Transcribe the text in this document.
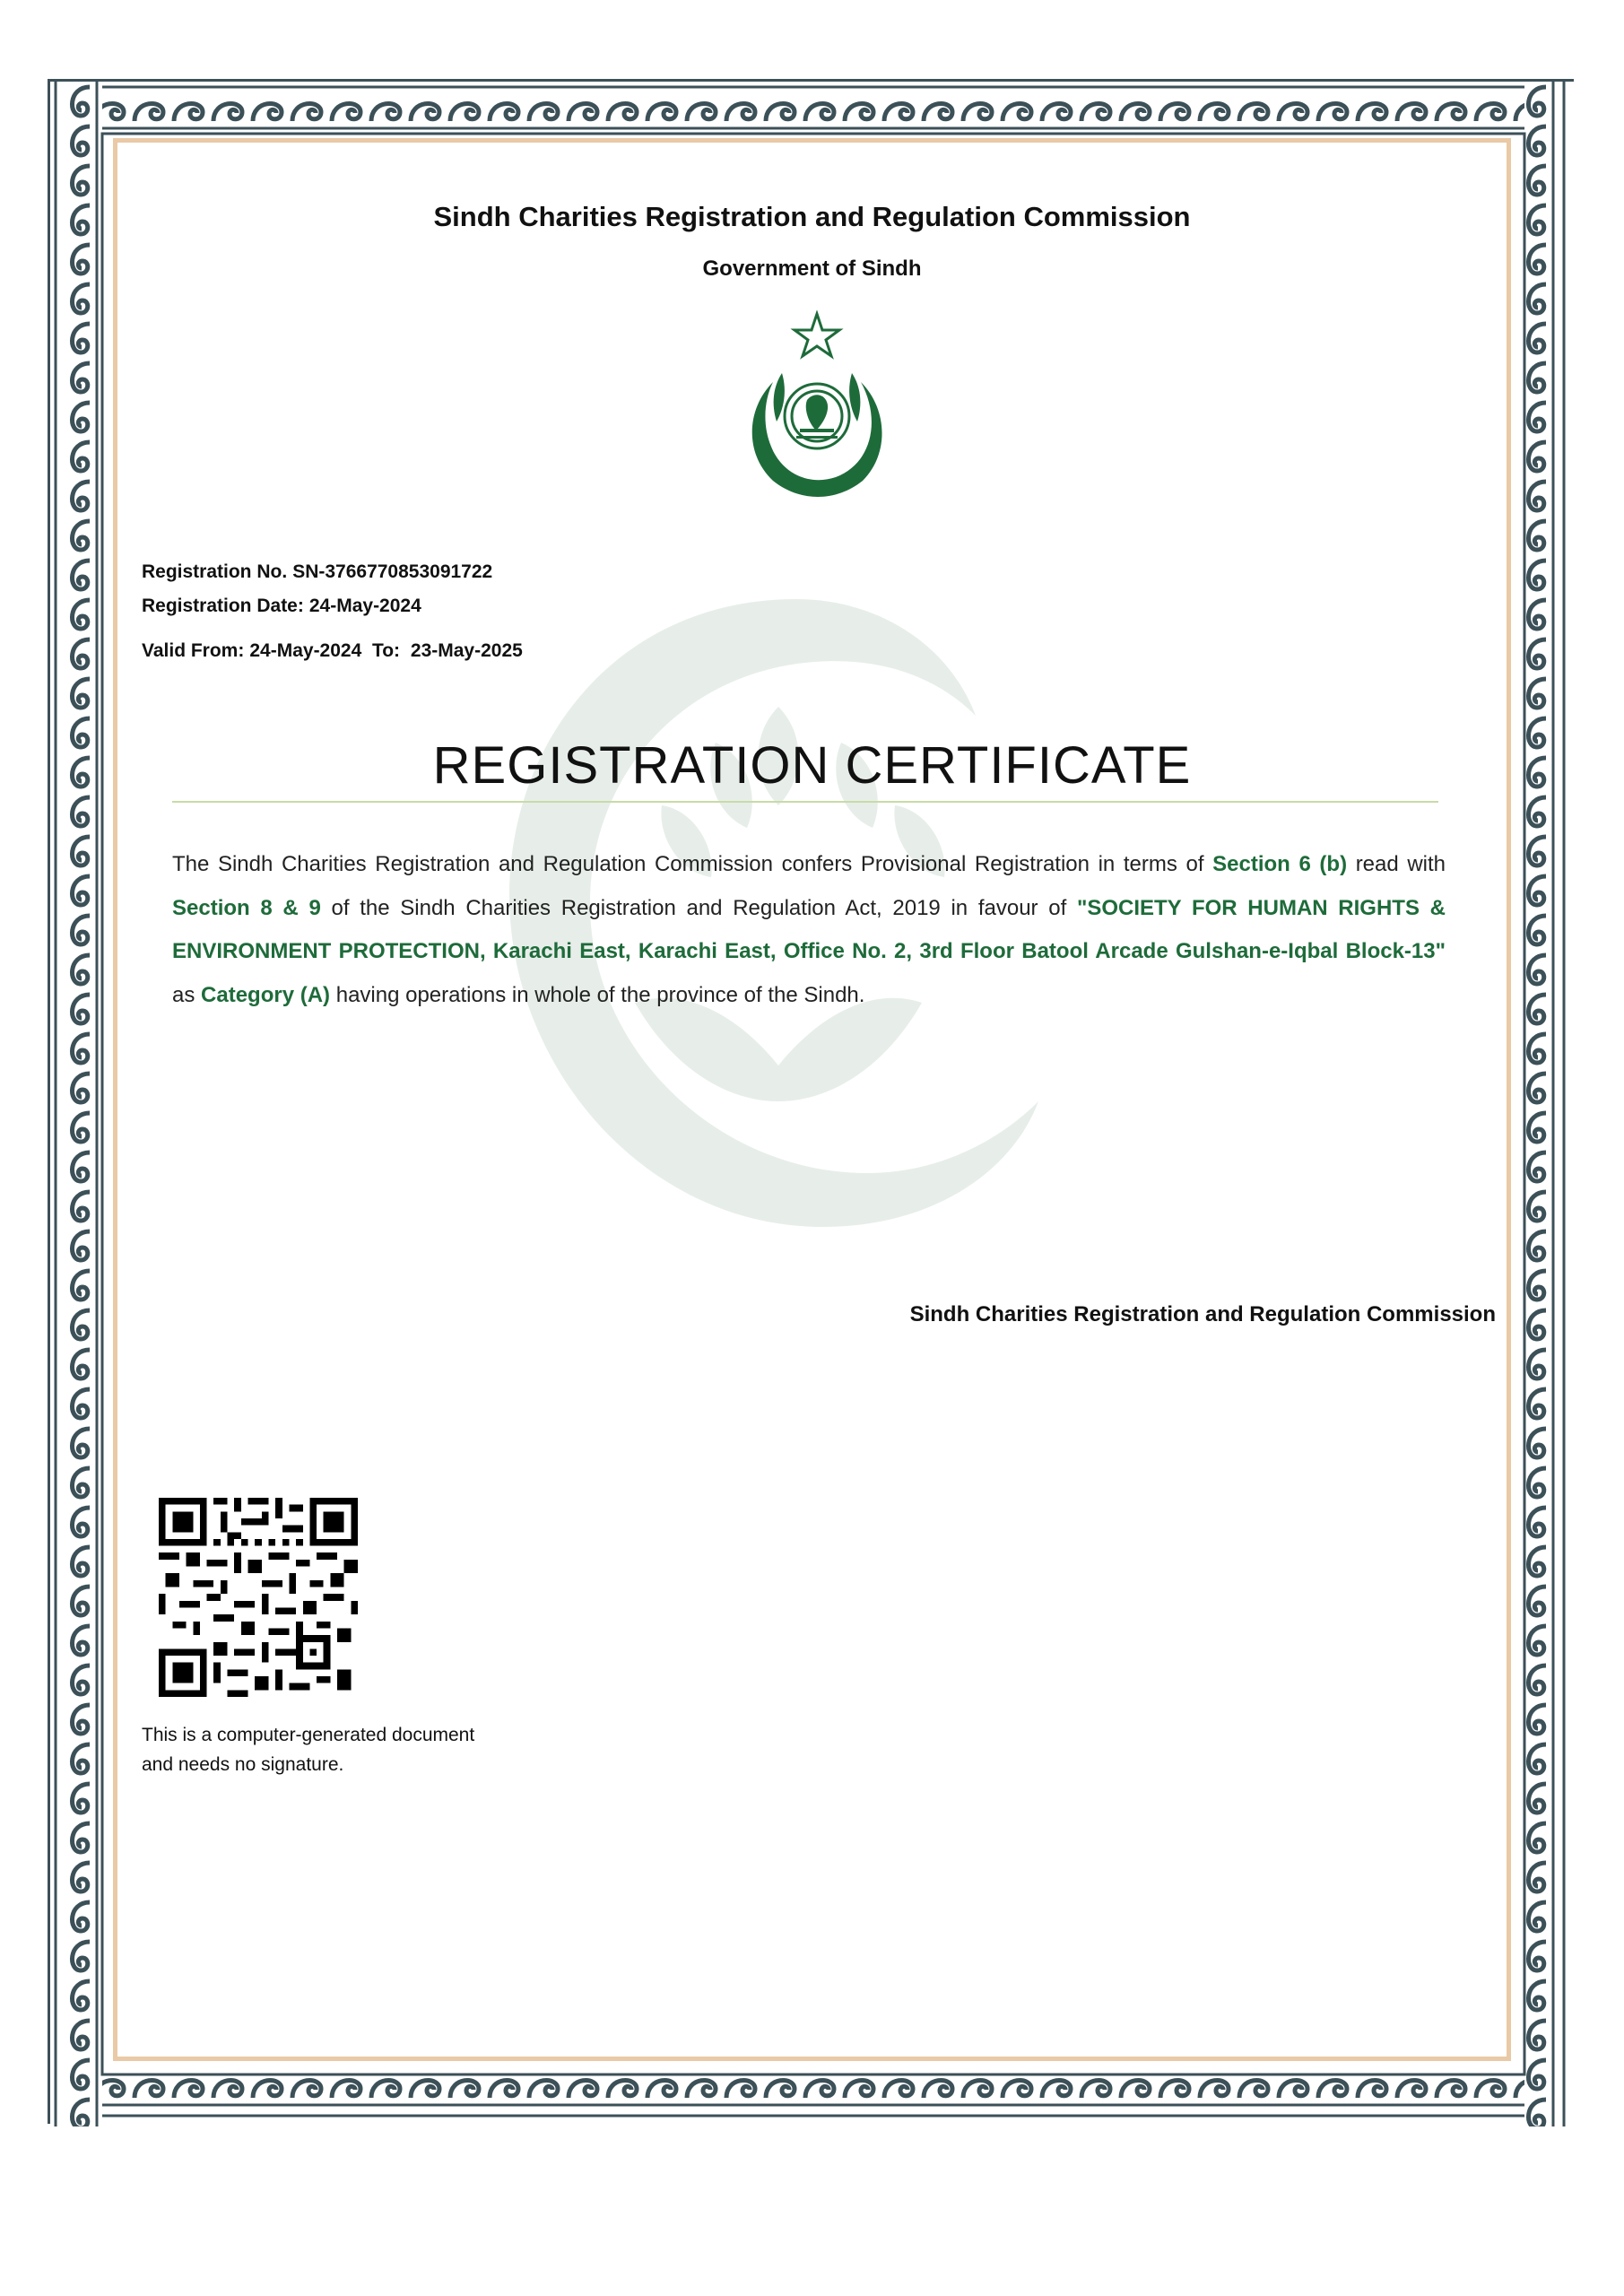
Sindh Charities Registration and Regulation Commission
Government of Sindh
Registration No. SN-3766770853091722
Registration Date: 24-May-2024
Valid From: 24-May-2024 To: 23-May-2025
REGISTRATION CERTIFICATE
The Sindh Charities Registration and Regulation Commission confers Provisional Registration in terms of Section 6 (b) read with Section 8 & 9 of the Sindh Charities Registration and Regulation Act, 2019 in favour of "SOCIETY FOR HUMAN RIGHTS & ENVIRONMENT PROTECTION, Karachi East, Karachi East, Office No. 2, 3rd Floor Batool Arcade Gulshan-e-Iqbal Block-13" as Category (A) having operations in whole of the province of the Sindh.
Sindh Charities Registration and Regulation Commission
This is a computer-generated document and needs no signature.
